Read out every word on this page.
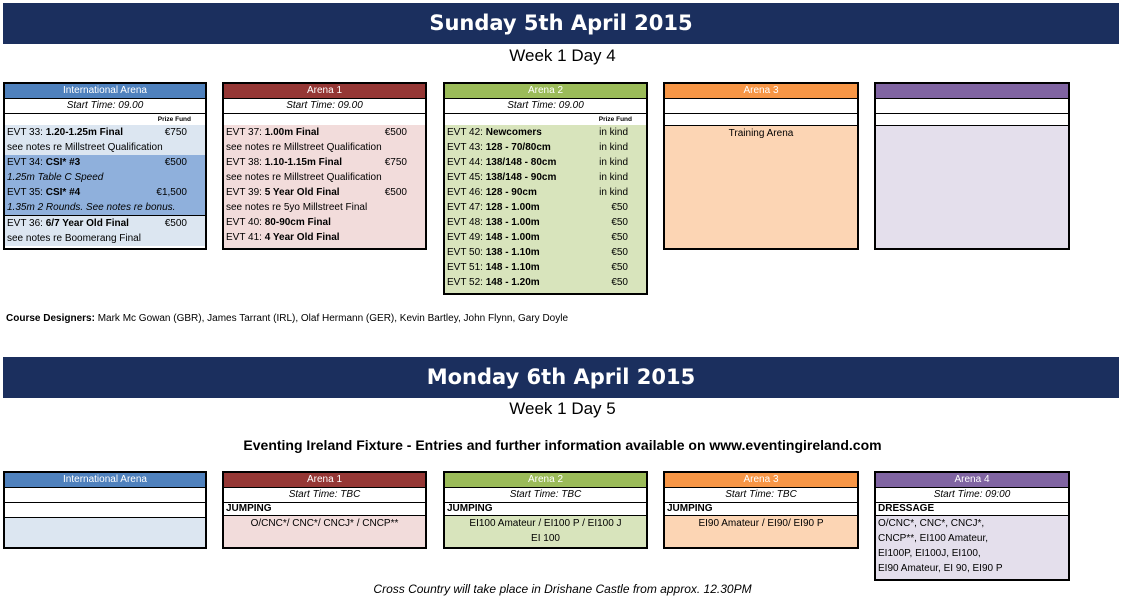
Sunday 5th April 2015
Week 1 Day 4
International Arena
Start Time: 09.00
Prize Fund
EVT 33: 1.20-1.25m Final	€750
see notes re Millstreet Qualification
EVT 34: CSI* #3	€500
1.25m Table C Speed
EVT 35: CSI* #4	€1,500
1.35m 2 Rounds. See notes re bonus.
EVT 36: 6/7 Year Old Final	€500
see notes re Boomerang Final
Arena 1
Start Time: 09.00
EVT 37: 1.00m Final	€500
see notes re Millstreet Qualification
EVT 38: 1.10-1.15m Final	€750
see notes re Millstreet Qualification
EVT 39: 5 Year Old Final	€500
see notes re 5yo Millstreet Final
EVT 40: 80-90cm Final
EVT 41: 4 Year Old Final
Arena 2
Start Time: 09.00
Prize Fund
EVT 42: Newcomers	in kind
EVT 43: 128 - 70/80cm	in kind
EVT 44: 138/148 - 80cm	in kind
EVT 45: 138/148 - 90cm	in kind
EVT 46: 128 - 90cm	in kind
EVT 47: 128 - 1.00m	€50
EVT 48: 138 - 1.00m	€50
EVT 49: 148 - 1.00m	€50
EVT 50: 138 - 1.10m	€50
EVT 51: 148 - 1.10m	€50
EVT 52: 148 - 1.20m	€50
Arena 3
Training Arena
Course Designers: Mark Mc Gowan (GBR), James Tarrant (IRL), Olaf Hermann (GER), Kevin Bartley, John Flynn, Gary Doyle
Monday 6th April 2015
Week 1 Day 5
Eventing Ireland Fixture - Entries and further information available on www.eventingireland.com
International Arena	Arena 1
Start Time: TBC
JUMPING
O/CNC*/ CNC*/ CNCJ* / CNCP**
Arena 2
Start Time: TBC
JUMPING
EI100 Amateur / EI100 P / EI100 J
EI 100
Arena 3
Start Time: TBC
JUMPING
EI90 Amateur / EI90/ EI90 P
Arena 4
Start Time: 09:00
DRESSAGE
O/CNC*, CNC*, CNCJ*,
CNCP**, EI100 Amateur,
EI100P, EI100J, EI100,
EI90 Amateur, EI 90, EI90 P
Cross Country will take place in Drishane Castle from approx. 12.30PM
